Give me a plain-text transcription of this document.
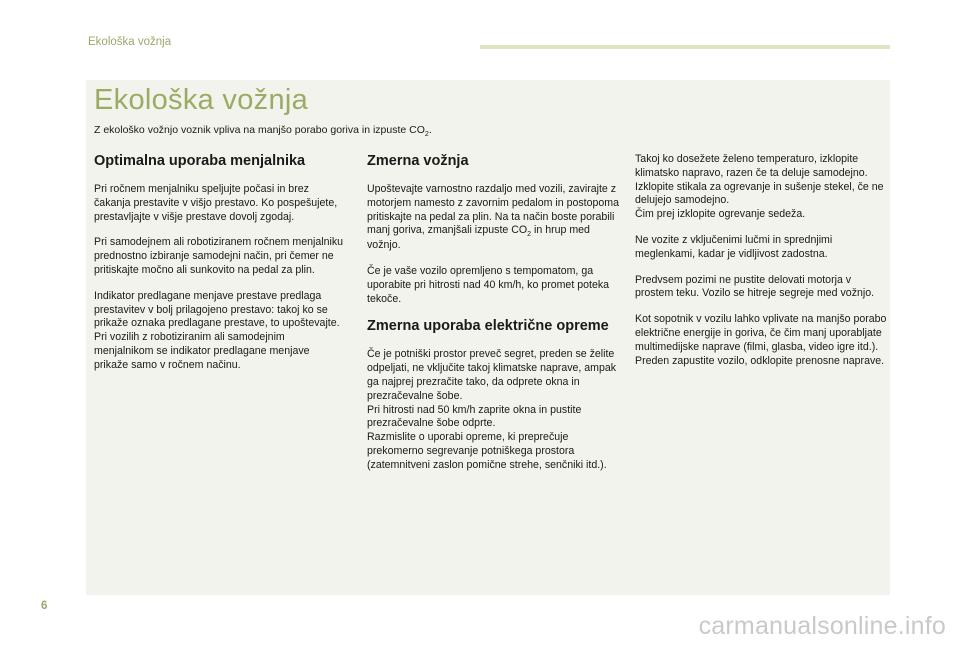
Ekološka vožnja
Ekološka vožnja
Z ekološko vožnjo voznik vpliva na manjšo porabo goriva in izpuste $CO_2$.
Optimalna uporaba menjalnika

Pri ročnem menjalniku speljujte počasi in brez čakanja prestavite v višjo prestavo. Ko pospešujete, prestavljajte v višje prestave dovolj zgodaj.

Pri samodejnem ali robotiziranem ročnem menjalniku prednostno izbiranje samodejni način, pri čemer ne pritiskajte močno ali sunkovito na pedal za plin.

Indikator predlagane menjave prestave predlaga prestavitev v bolj prilagojeno prestavo: takoj ko se prikaže oznaka predlagane prestave, to upoštevajte.
Pri vozilih z robotiziranim ali samodejnim menjalnikom se indikator predlagane menjave prikaže samo v ročnem načinu.

Zmerna vožnja

Upoštevajte varnostno razdaljo med vozili, zavirajte z motorjem namesto z zavornim pedalom in postopoma pritiskajte na pedal za plin. Na ta način boste porabili manj goriva, zmanjšali izpuste $CO_2$ in hrup med vožnjo.

Če je vaše vozilo opremljeno s tempomatom, ga uporabite pri hitrosti nad 40 km/h, ko promet poteka tekoče.

Zmerna uporaba električne opreme

Če je potniški prostor preveč segret, preden se želite odpeljati, ne vključite takoj klimatske naprave, ampak ga najprej prezračite tako, da odprete okna in prezračevalne šobe.
Pri hitrosti nad 50 km/h zaprite okna in pustite prezračevalne šobe odprte.
Razmislite o uporabi opreme, ki preprečuje prekomerno segrevanje potniškega prostora (zatemnitveni zaslon pomične strehe, senčniki itd.).

Takoj ko dosežete želeno temperaturo, izklopite klimatsko napravo, razen če ta deluje samodejno.
Izklopite stikala za ogrevanje in sušenje stekel, če ne delujejo samodejno.
Čim prej izklopite ogrevanje sedeža.

Ne vozite z vključenimi lučmi in sprednjimi meglenkami, kadar je vidljivost zadostna.

Predvsem pozimi ne pustite delovati motorja v prostem teku. Vozilo se hitreje segreje med vožnjo.

Kot sopotnik v vozilu lahko vplivate na manjšo porabo električne energije in goriva, če čim manj uporabljate multimedijske naprave (filmi, glasba, video igre itd.).
Preden zapustite vozilo, odklopite prenosne naprave.

6
carmanualsonline.info
